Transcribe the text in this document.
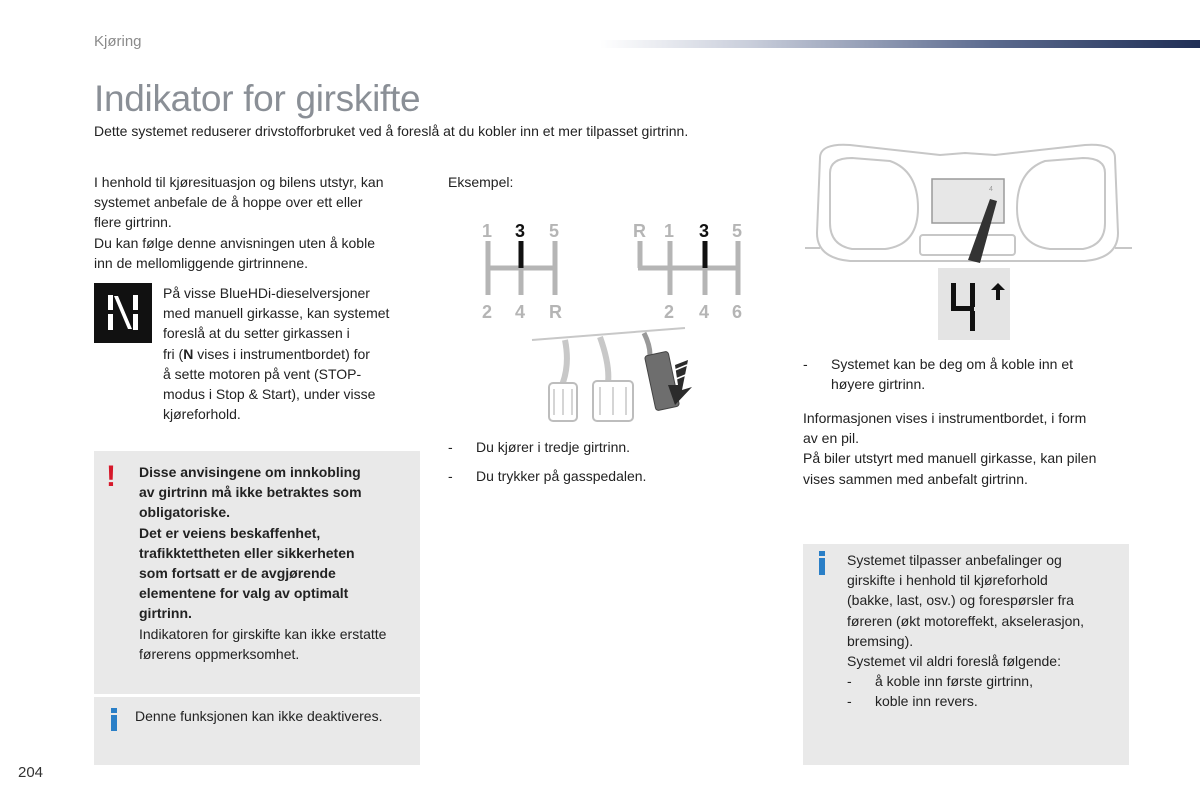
Kjøring
Indikator for girskifte
Dette systemet reduserer drivstofforbruket ved å foreslå at du kobler inn et mer tilpasset girtrinn.
I henhold til kjøresituasjon og bilens utstyr, kan
systemet anbefale de å hoppe over ett eller
flere girtrinn.
Du kan følge denne anvisningen uten å koble
inn de mellomliggende girtrinnene.
På visse BlueHDi-dieselversjoner
med manuell girkasse, kan systemet
foreslå at du setter girkassen i
fri (N vises i instrumentbordet) for
å sette motoren på vent (STOP-
modus i Stop & Start), under visse
kjøreforhold.
! Disse anvisingene om innkobling
av girtrinn må ikke betraktes som
obligatoriske.
Det er veiens beskaffenhet,
trafikktettheten eller sikkerheten
som fortsatt er de avgjørende
elementene for valg av optimalt
girtrinn.
Indikatoren for girskifte kan ikke erstatte
førerens oppmerksomhet.
Denne funksjonen kan ikke deaktiveres.
Eksempel:
1 3 5
2 4 R
R 1 3 5
2 4 6
-	Du kjører i tredje girtrinn.
-	Du trykker på gasspedalen.
4
-	Systemet kan be deg om å koble inn et
høyere girtrinn.
Informasjonen vises i instrumentbordet, i form
av en pil.
På biler utstyrt med manuell girkasse, kan pilen
vises sammen med anbefalt girtrinn.
Systemet tilpasser anbefalinger og
girskifte i henhold til kjøreforhold
(bakke, last, osv.) og forespørsler fra
føreren (økt motoreffekt, akselerasjon,
bremsing).
Systemet vil aldri foreslå følgende:
-	å koble inn første girtrinn,
-	koble inn revers.
204
